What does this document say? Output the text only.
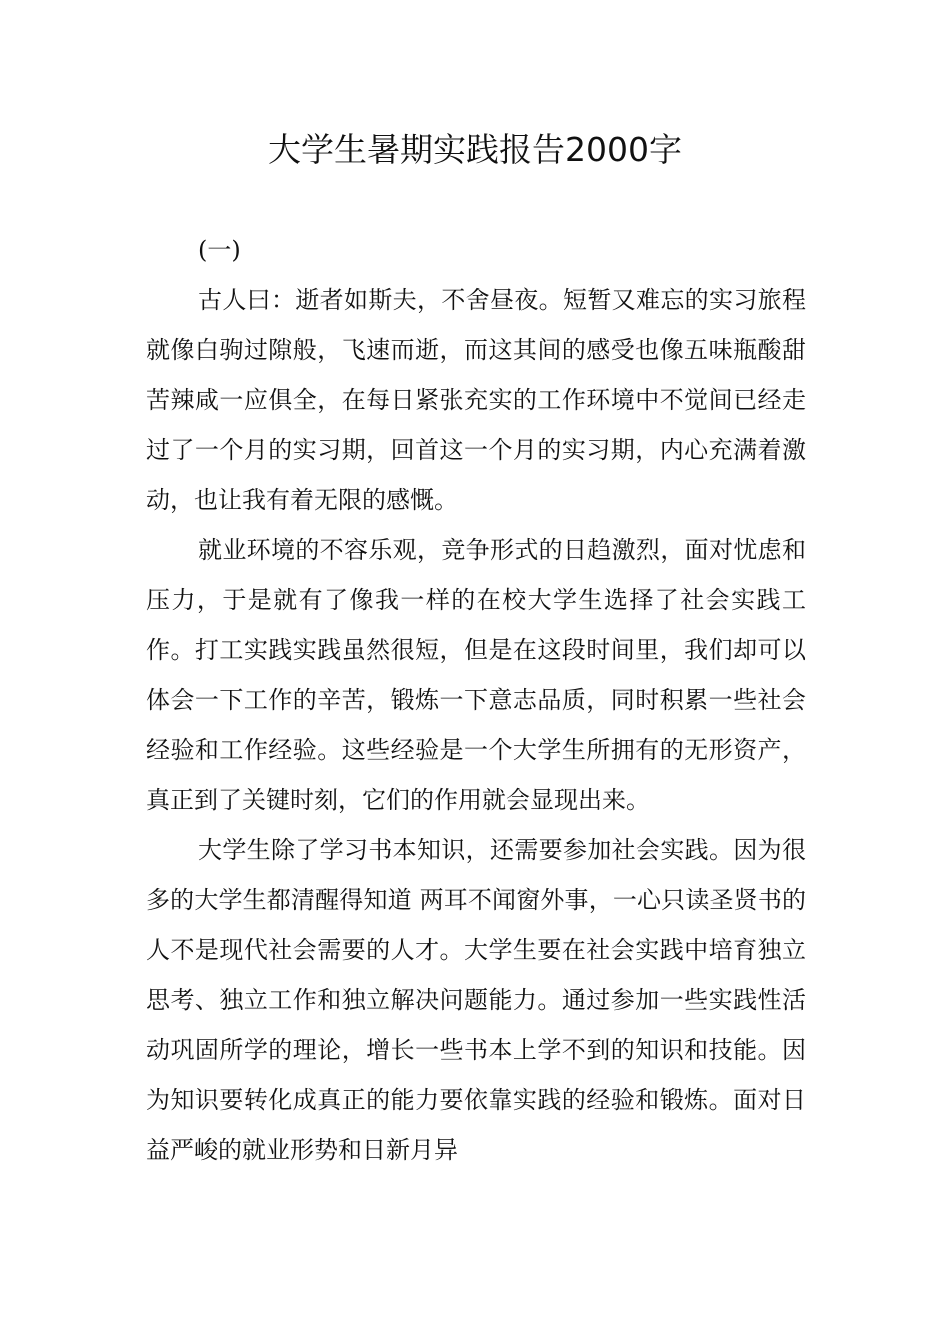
大学生暑期实践报告2000字

(一)

古人曰：逝者如斯夫，不舍昼夜。短暂又难忘的实习旅程就像白驹过隙般，飞速而逝，而这其间的感受也像五味瓶酸甜苦辣咸一应俱全，在每日紧张充实的工作环境中不觉间已经走过了一个月的实习期，回首这一个月的实习期，内心充满着激动，也让我有着无限的感慨。

就业环境的不容乐观，竞争形式的日趋激烈，面对忧虑和压力，于是就有了像我一样的在校大学生选择了社会实践工作。打工实践实践虽然很短，但是在这段时间里，我们却可以体会一下工作的辛苦，锻炼一下意志品质，同时积累一些社会经验和工作经验。这些经验是一个大学生所拥有的无形资产，真正到了关键时刻，它们的作用就会显现出来。

大学生除了学习书本知识，还需要参加社会实践。因为很多的大学生都清醒得知道 两耳不闻窗外事，一心只读圣贤书的人不是现代社会需要的人才。大学生要在社会实践中培育独立思考、独立工作和独立解决问题能力。通过参加一些实践性活动巩固所学的理论，增长一些书本上学不到的知识和技能。因为知识要转化成真正的能力要依靠实践的经验和锻炼。面对日益严峻的就业形势和日新月异
